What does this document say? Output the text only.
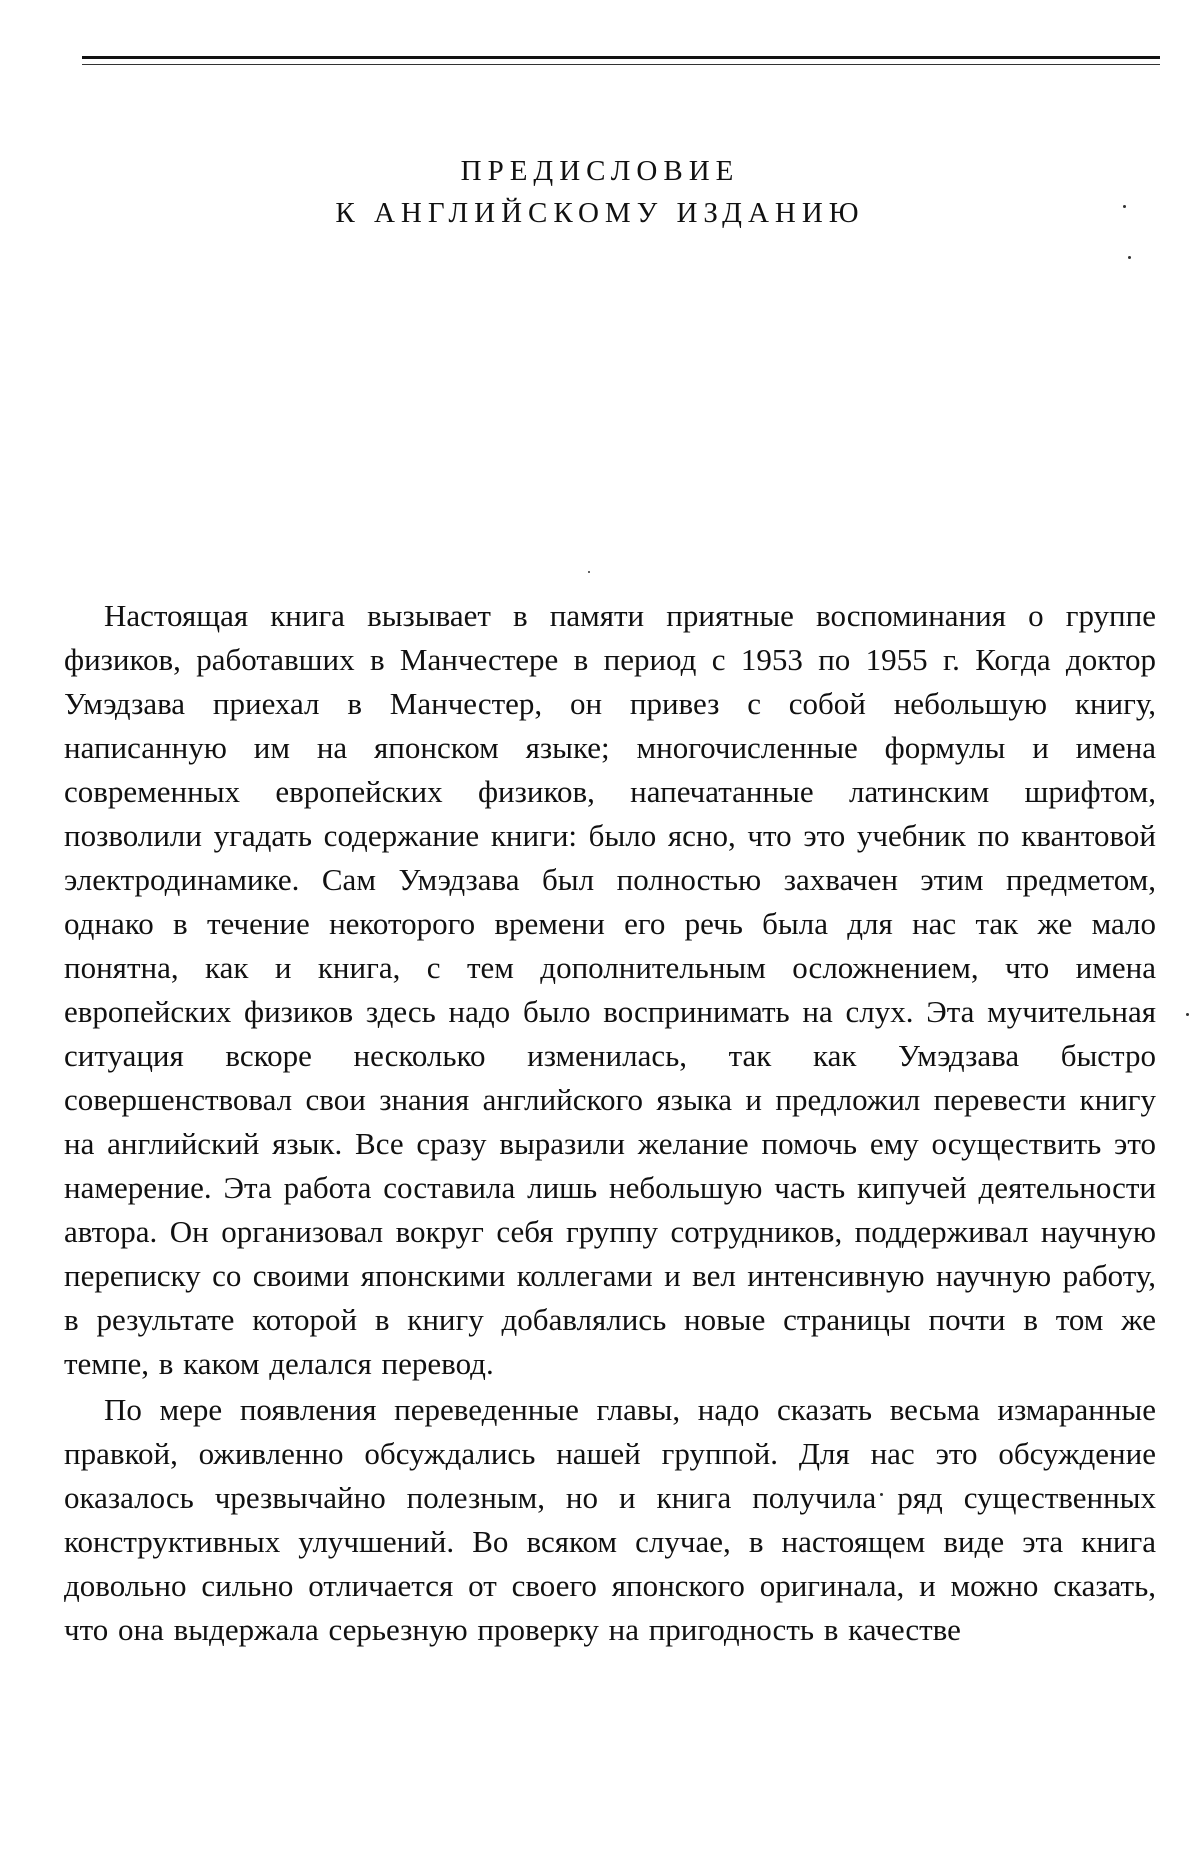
ПРЕДИСЛОВИЕ
К АНГЛИЙСКОМУ ИЗДАНИЮ

Настоящая книга вызывает в памяти приятные воспоминания о группе физиков, работавших в Манчестере в период с 1953 по 1955 г. Когда доктор Умэдзава приехал в Манчестер, он привез с собой небольшую книгу, написанную им на японском языке; многочисленные формулы и имена современных европейских физиков, напечатанные латинским шрифтом, позволили угадать содержание книги: было ясно, что это учебник по квантовой электродинамике. Сам Умэдзава был полностью захвачен этим предметом, однако в течение некоторого времени его речь была для нас так же мало понятна, как и книга, с тем дополнительным осложнением, что имена европейских физиков здесь надо было воспринимать на слух. Эта мучительная ситуация вскоре несколько изменилась, так как Умэдзава быстро совершенствовал свои знания английского языка и предложил перевести книгу на английский язык. Все сразу выразили желание помочь ему осуществить это намерение. Эта работа составила лишь небольшую часть кипучей деятельности автора. Он организовал вокруг себя группу сотрудников, поддерживал научную переписку со своими японскими коллегами и вел интенсивную научную работу, в результате которой в книгу добавлялись новые страницы почти в том же темпе, в каком делался перевод.

По мере появления переведенные главы, надо сказать весьма измаранные правкой, оживленно обсуждались нашей группой. Для нас это обсуждение оказалось чрезвычайно полезным, но и книга получила ряд существенных конструктивных улучшений. Во всяком случае, в настоящем виде эта книга довольно сильно отличается от своего японского оригинала, и можно сказать, что она выдержала серьезную проверку на пригодность в качестве
